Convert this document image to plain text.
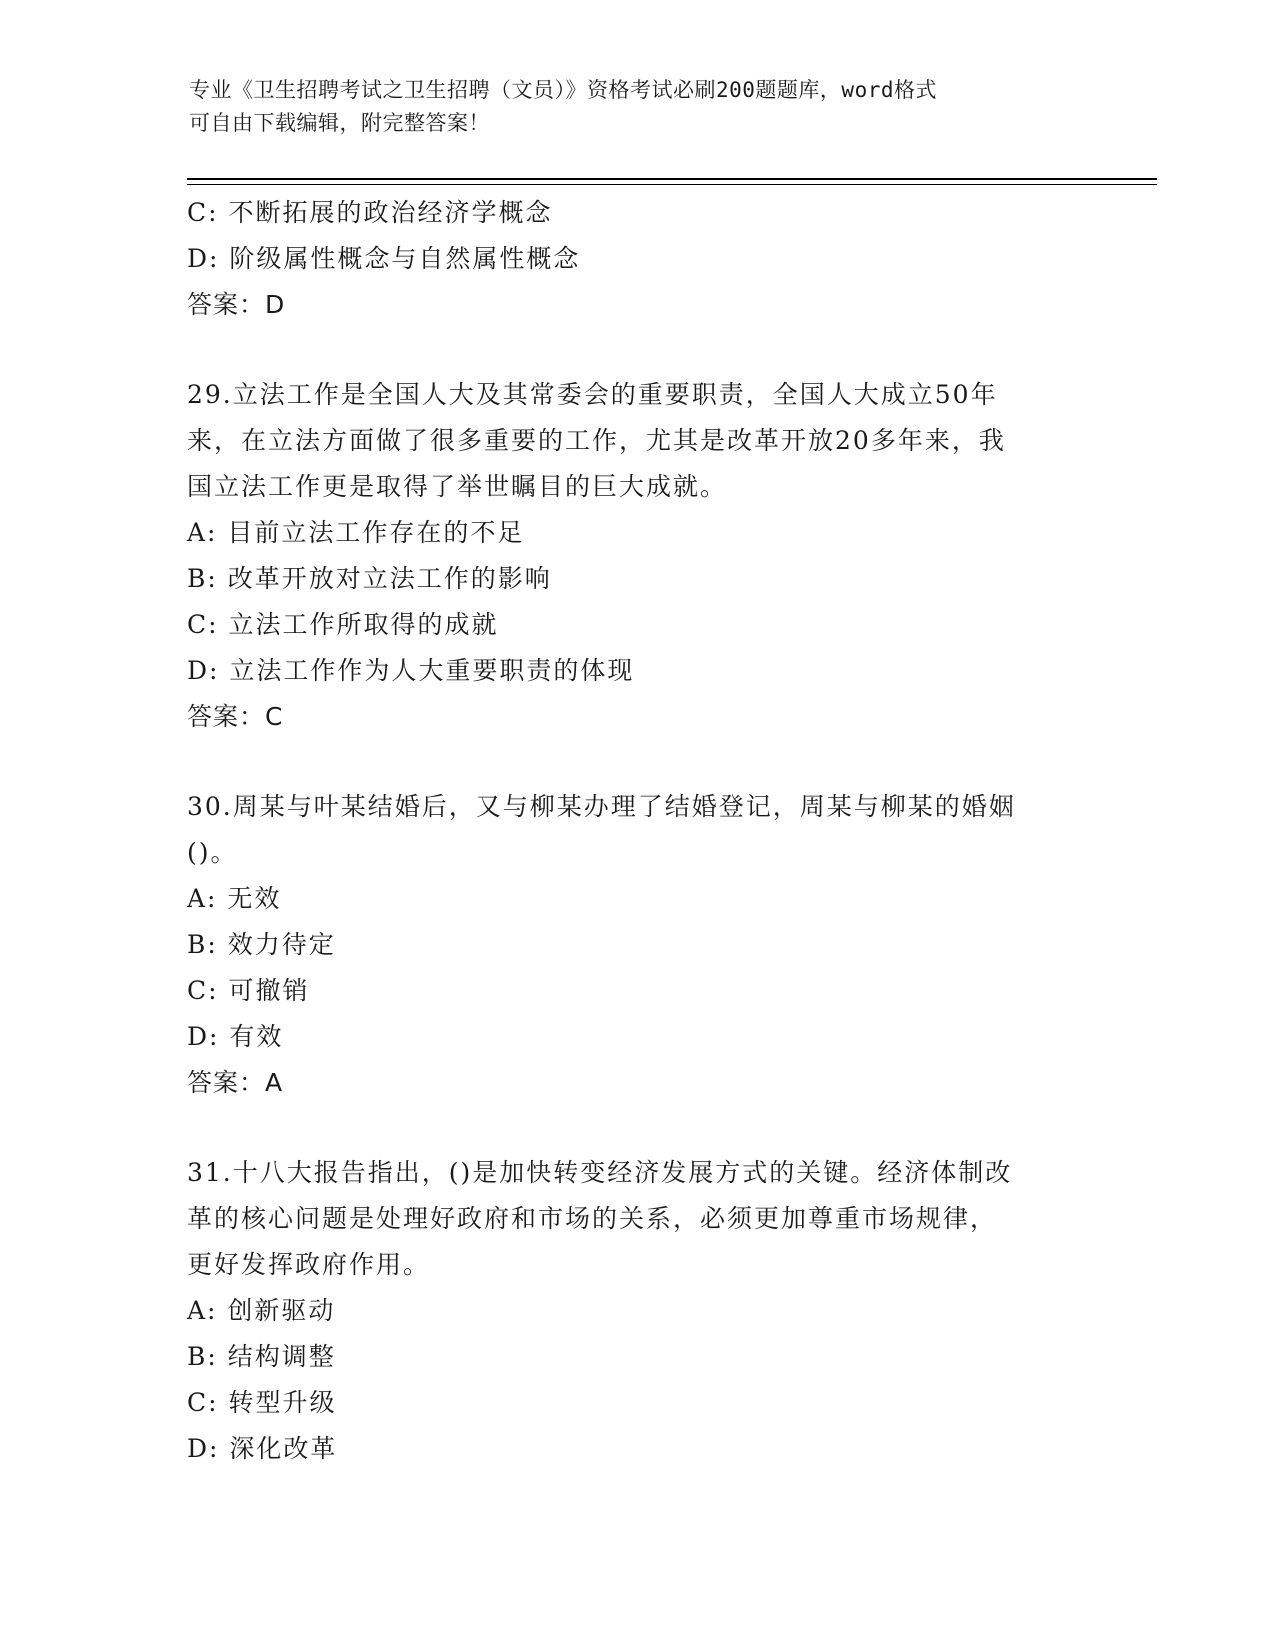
专业《卫生招聘考试之卫生招聘（文员）》资格考试必刷200题题库，word格式
可自由下载编辑，附完整答案！
C: 不断拓展的政治经济学概念
D: 阶级属性概念与自然属性概念
答案：D
29.立法工作是全国人大及其常委会的重要职责，全国人大成立50年
来，在立法方面做了很多重要的工作，尤其是改革开放20多年来，我
国立法工作更是取得了举世瞩目的巨大成就。
A: 目前立法工作存在的不足
B: 改革开放对立法工作的影响
C: 立法工作所取得的成就
D: 立法工作作为人大重要职责的体现
答案：C
30.周某与叶某结婚后，又与柳某办理了结婚登记，周某与柳某的婚姻
()。
A: 无效
B: 效力待定
C: 可撤销
D: 有效
答案：A
31.十八大报告指出，()是加快转变经济发展方式的关键。经济体制改
革的核心问题是处理好政府和市场的关系，必须更加尊重市场规律，
更好发挥政府作用。
A: 创新驱动
B: 结构调整
C: 转型升级
D: 深化改革
